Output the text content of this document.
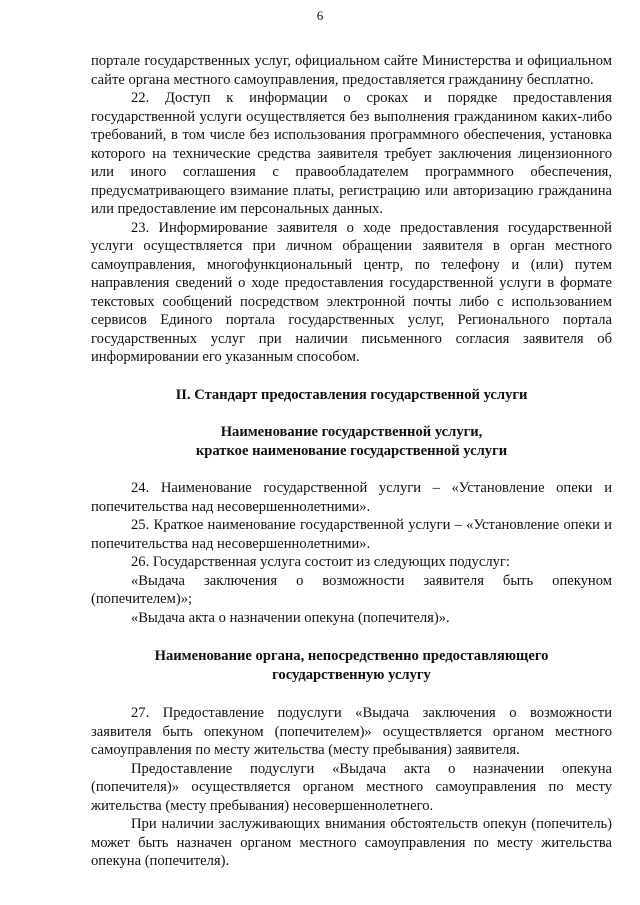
6

порталe государственных услуг, официальном сайте Министерства и официальном сайте органа местного самоуправления, предоставляется гражданину бесплатно.

22. Доступ к информации о сроках и порядке предоставления государственной услуги осуществляется без выполнения гражданином каких-либо требований, в том числе без использования программного обеспечения, установка которого на технические средства заявителя требует заключения лицензионного или иного соглашения с правообладателем программного обеспечения, предусматривающего взимание платы, регистрацию или авторизацию гражданина или предоставление им персональных данных.

23. Информирование заявителя о ходе предоставления государственной услуги осуществляется при личном обращении заявителя в орган местного самоуправления, многофункциональный центр, по телефону и (или) путем направления сведений о ходе предоставления государственной услуги в формате текстовых сообщений посредством электронной почты либо с использованием сервисов Единого портала государственных услуг, Регионального портала государственных услуг при наличии письменного согласия заявителя об информировании его указанным способом.

II. Стандарт предоставления государственной услуги

Наименование государственной услуги,
краткое наименование государственной услуги

24. Наименование государственной услуги – «Установление опеки и попечительства над несовершеннолетними».

25. Краткое наименование государственной услуги – «Установление опеки и попечительства над несовершеннолетними».

26. Государственная услуга состоит из следующих подуслуг:

«Выдача заключения о возможности заявителя быть опекуном (попечителем)»;

«Выдача акта о назначении опекуна (попечителя)».

Наименование органа, непосредственно предоставляющего
государственную услугу

27. Предоставление подуслуги «Выдача заключения о возможности заявителя быть опекуном (попечителем)» осуществляется органом местного самоуправления по месту жительства (месту пребывания) заявителя.

Предоставление подуслуги «Выдача акта о назначении опекуна (попечителя)» осуществляется органом местного самоуправления по месту жительства (месту пребывания) несовершеннолетнего.

При наличии заслуживающих внимания обстоятельств опекун (попечитель) может быть назначен органом местного самоуправления по месту жительства опекуна (попечителя).
